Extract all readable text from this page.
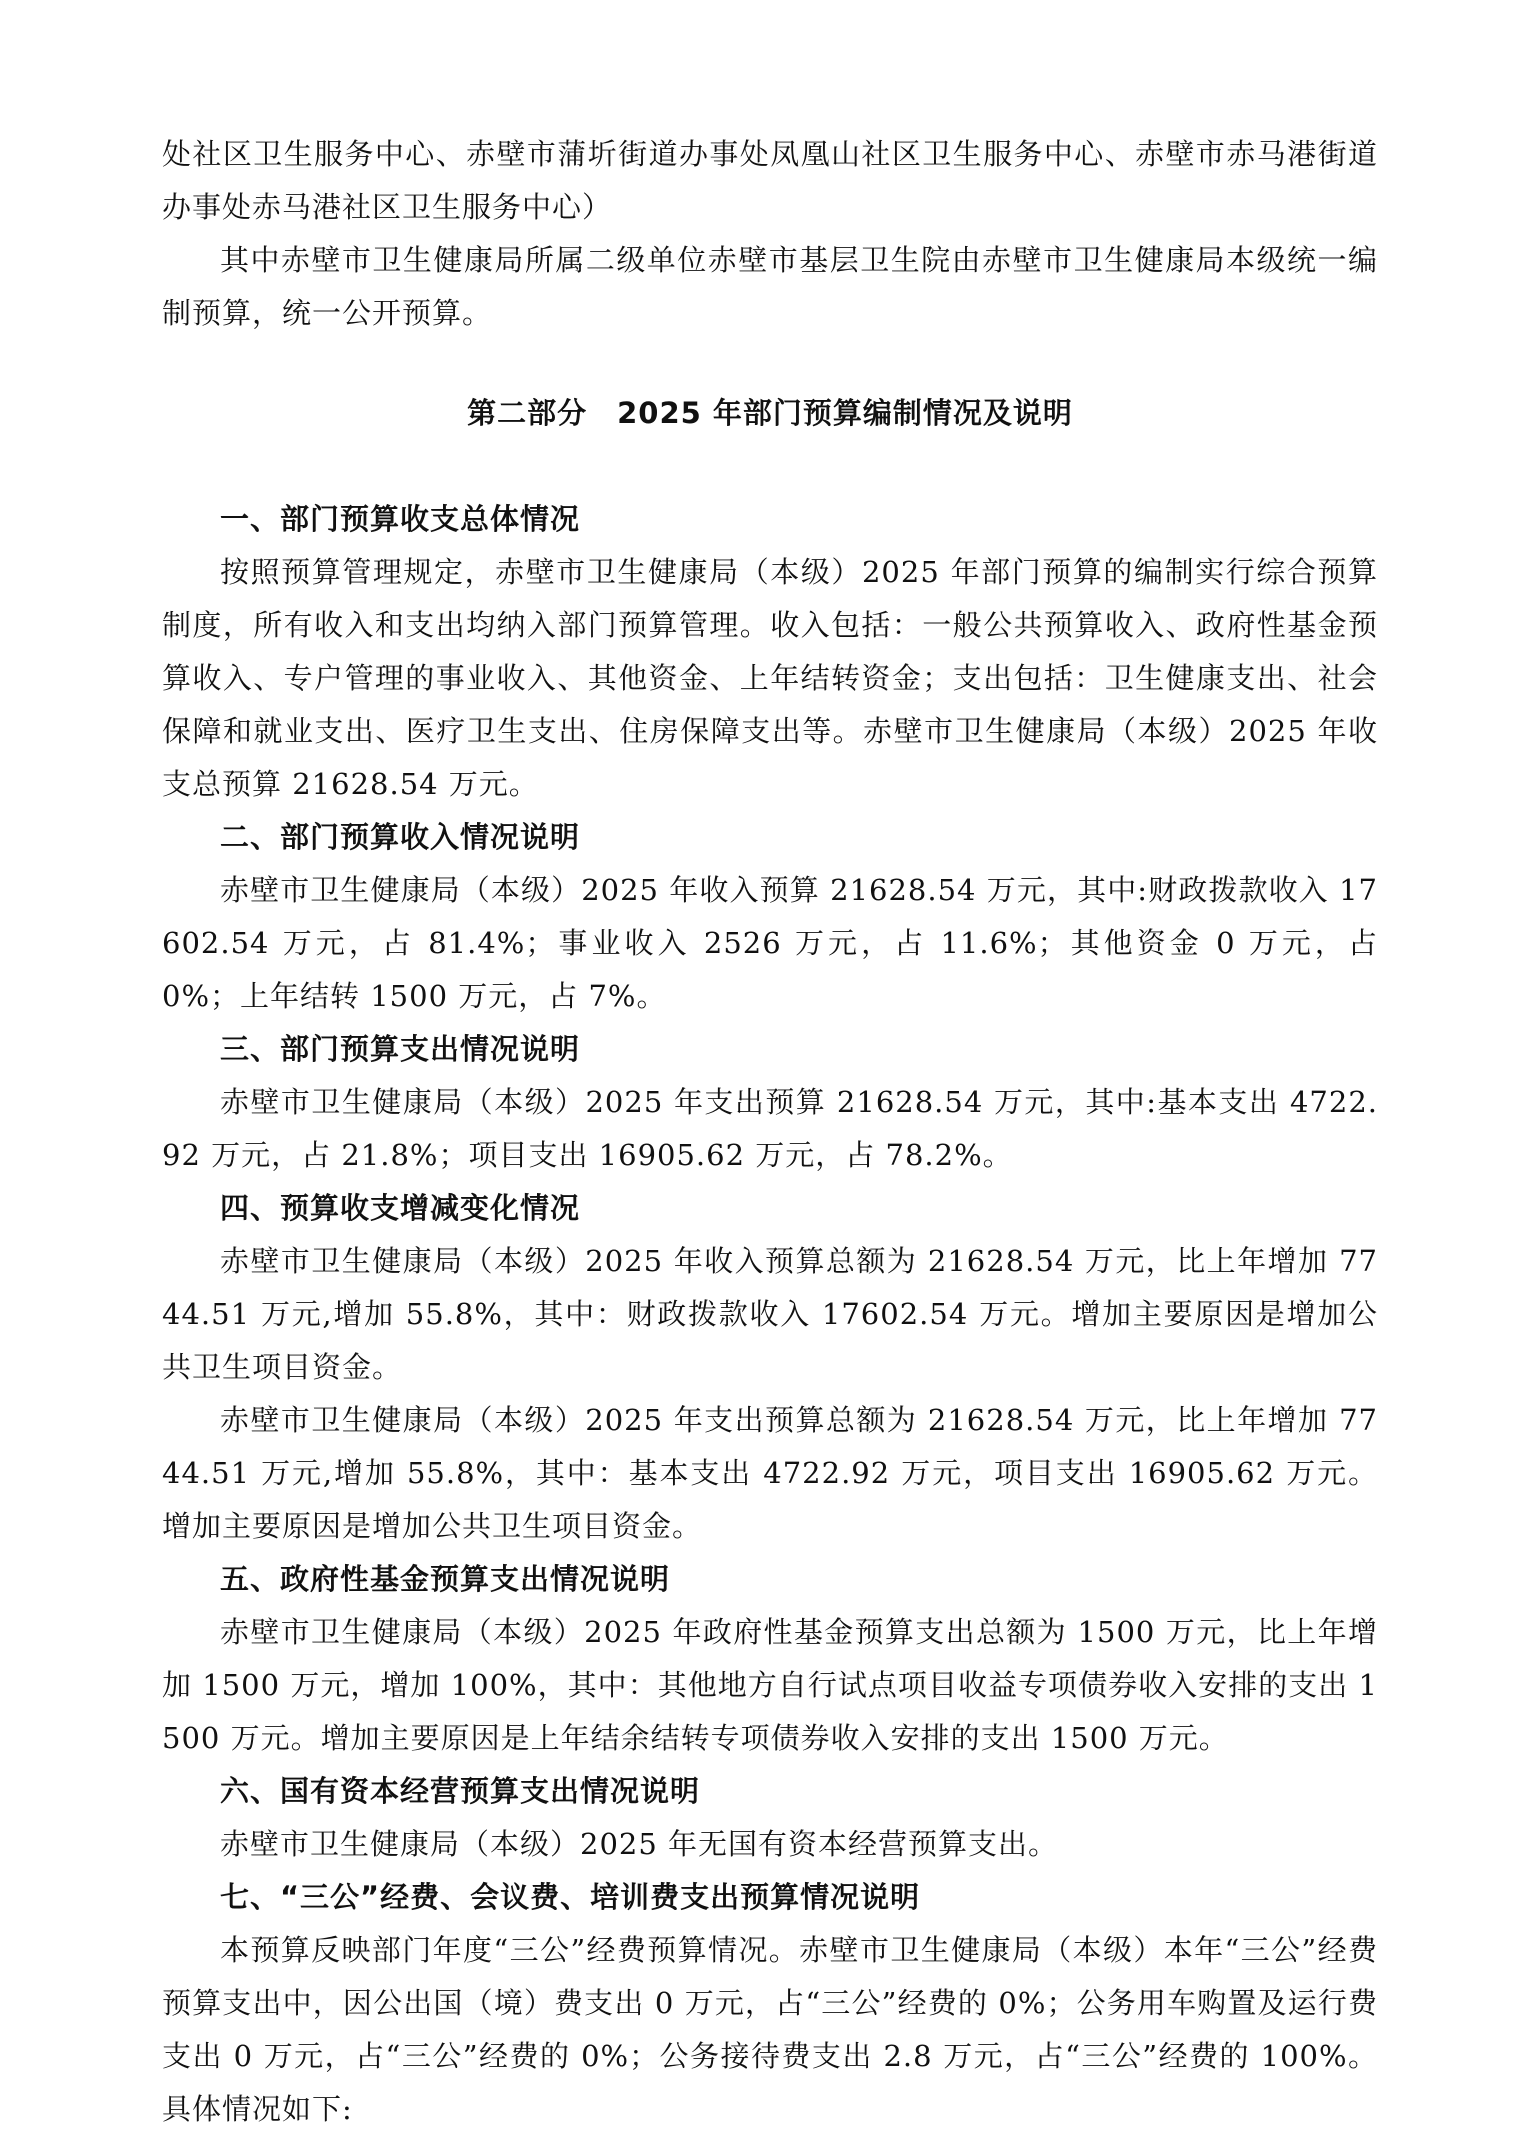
处社区卫生服务中心、赤壁市蒲圻街道办事处凤凰山社区卫生服务中心、赤壁市赤马港街道办事处赤马港社区卫生服务中心）

其中赤壁市卫生健康局所属二级单位赤壁市基层卫生院由赤壁市卫生健康局本级统一编制预算，统一公开预算。

第二部分　2025 年部门预算编制情况及说明
一、部门预算收支总体情况

按照预算管理规定，赤壁市卫生健康局（本级）2025 年部门预算的编制实行综合预算制度，所有收入和支出均纳入部门预算管理。收入包括：一般公共预算收入、政府性基金预算收入、专户管理的事业收入、其他资金、上年结转资金；支出包括：卫生健康支出、社会保障和就业支出、医疗卫生支出、住房保障支出等。赤壁市卫生健康局（本级）2025 年收支总预算 21628.54 万元。

二、部门预算收入情况说明

赤壁市卫生健康局（本级）2025 年收入预算 21628.54 万元，其中:财政拨款收入 17602.54 万元，占 81.4%；事业收入 2526 万元，占 11.6%；其他资金 0 万元，占 0%；上年结转 1500 万元，占 7%。

三、部门预算支出情况说明

赤壁市卫生健康局（本级）2025 年支出预算 21628.54 万元，其中:基本支出 4722.92 万元，占 21.8%；项目支出 16905.62 万元，占 78.2%。

四、预算收支增减变化情况

赤壁市卫生健康局（本级）2025 年收入预算总额为 21628.54 万元，比上年增加 7744.51 万元,增加 55.8%，其中：财政拨款收入 17602.54 万元。增加主要原因是增加公共卫生项目资金。

赤壁市卫生健康局（本级）2025 年支出预算总额为 21628.54 万元，比上年增加 7744.51 万元,增加 55.8%，其中：基本支出 4722.92 万元，项目支出 16905.62 万元。增加主要原因是增加公共卫生项目资金。

五、政府性基金预算支出情况说明

赤壁市卫生健康局（本级）2025 年政府性基金预算支出总额为 1500 万元，比上年增加 1500 万元，增加 100%，其中：其他地方自行试点项目收益专项债券收入安排的支出 1500 万元。增加主要原因是上年结余结转专项债券收入安排的支出 1500 万元。

六、国有资本经营预算支出情况说明

赤壁市卫生健康局（本级）2025 年无国有资本经营预算支出。

七、“三公”经费、会议费、培训费支出预算情况说明

本预算反映部门年度“三公”经费预算情况。赤壁市卫生健康局（本级）本年“三公”经费预算支出中，因公出国（境）费支出 0 万元，占“三公”经费的 0%；公务用车购置及运行费支出 0 万元，占“三公”经费的 0%；公务接待费支出 2.8 万元，占“三公”经费的 100%。具体情况如下:
